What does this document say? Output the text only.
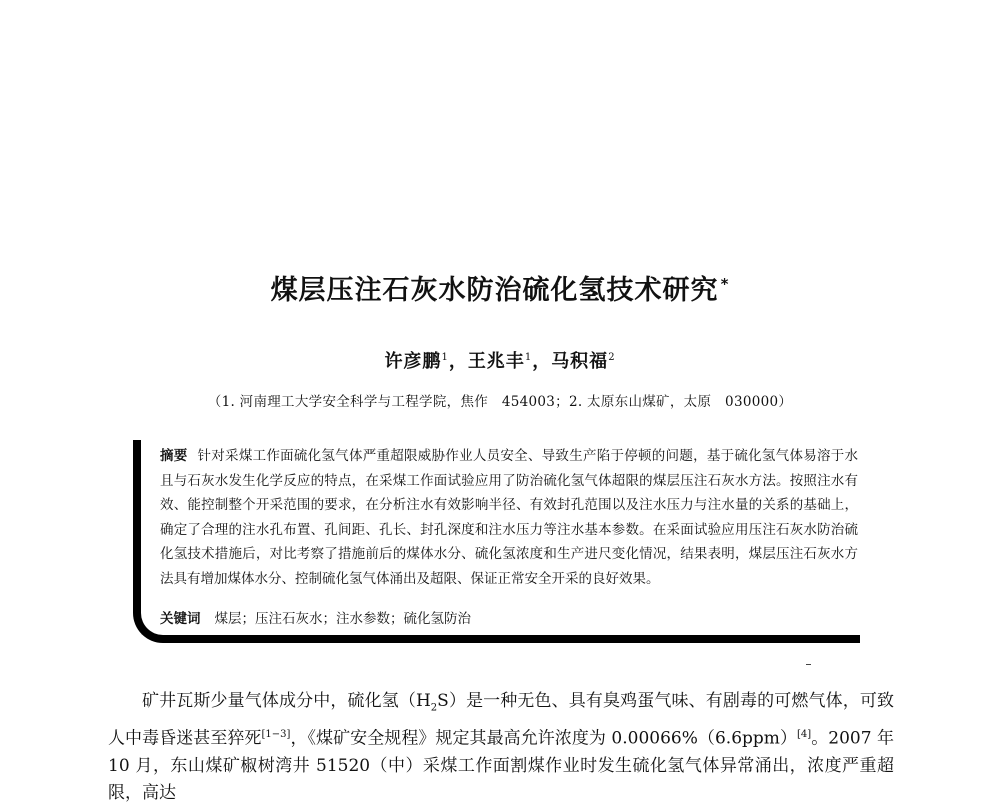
煤层压注石灰水防治硫化氢技术研究 *
许彦鹏$^1$，王兆丰$^1$，马积福$^2$
（1. 河南理工大学安全科学与工程学院，焦作　454003；2. 太原东山煤矿，太原　030000）
摘要 针对采煤工作面硫化氢气体严重超限威胁作业人员安全、导致生产陷于停顿的问题，基于硫化氢气体易溶于水且与石灰水发生化学反应的特点，在采煤工作面试验应用了防治硫化氢气体超限的煤层压注石灰水方法。按照注水有效、能控制整个开采范围的要求，在分析注水有效影响半径、有效封孔范围以及注水压力与注水量的关系的基础上，确定了合理的注水孔布置、孔间距、孔长、封孔深度和注水压力等注水基本参数。在采面试验应用压注石灰水防治硫化氢技术措施后，对比考察了措施前后的煤体水分、硫化氢浓度和生产进尺变化情况，结果表明，煤层压注石灰水方法具有增加煤体水分、控制硫化氢气体涌出及超限、保证正常安全开采的良好效果。
关键词 煤层；压注石灰水；注水参数；硫化氢防治
矿井瓦斯少量气体成分中，硫化氢$(H_2S)$是一种无色、具有臭鸡蛋气味、有剧毒的可燃气体，可致人中毒昏迷甚至猝死[1−3]，《煤矿安全规程》规定其最高允许浓度为 0.00066%（6.6ppm）[4]。2007 年 10 月，东山煤矿椒树湾井 51520（中）采煤工作面割煤作业时发生硫化氢气体异常涌出，浓度严重超限，高达
